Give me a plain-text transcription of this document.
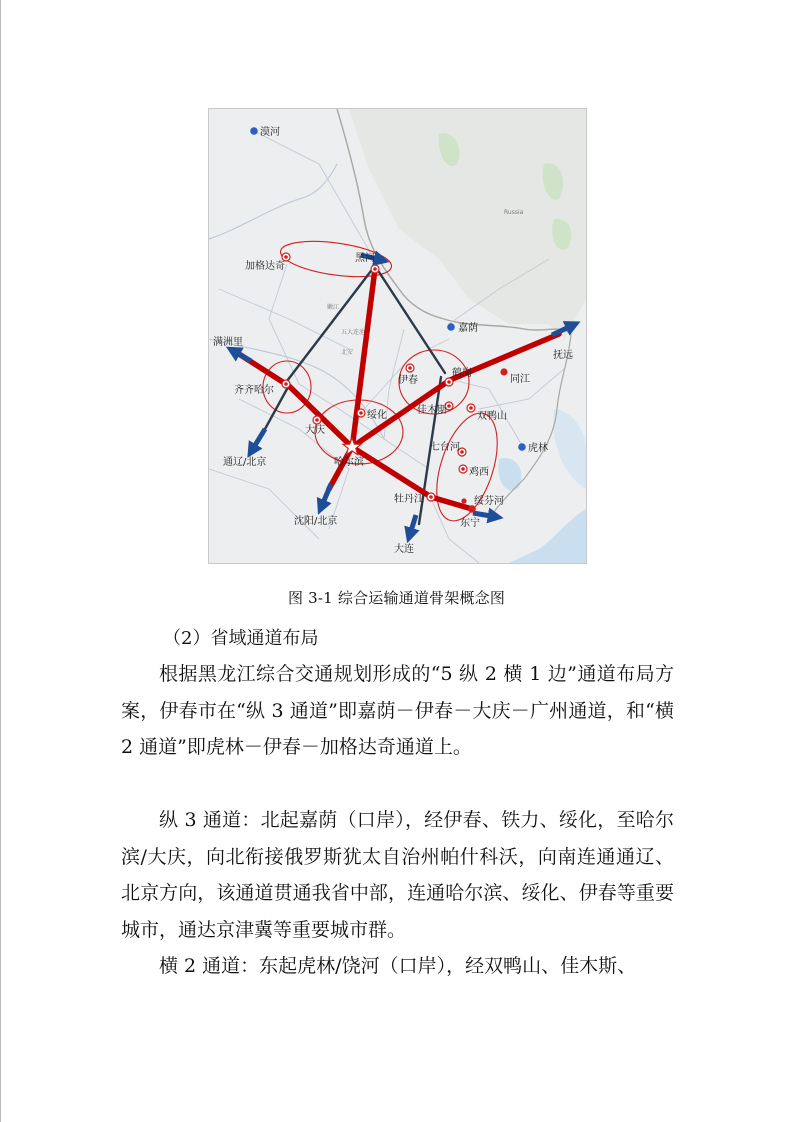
嫩江
五大连池
北安
Russia
漠河
加格达奇
黑河
嘉荫
满洲里
抚远
齐齐哈尔
伊春
鹤岗
同江
绥化	佳木斯
双鸭山
大庆
哈尔滨
七台河	虎林
鸡西
牡丹江	绥芬河
东宁
通辽/北京
沈阳/北京
大连
图 3-1 综合运输通道骨架概念图
（2）省域通道布局
根据黑龙江综合交通规划形成的“5 纵 2 横 1 边”通道布局方案，伊春市在“纵 3 通道”即嘉荫－伊春－大庆－广州通道，和“横 2 通道”即虎林－伊春－加格达奇通道上。
纵 3 通道：北起嘉荫（口岸），经伊春、铁力、绥化，至哈尔滨/大庆，向北衔接俄罗斯犹太自治州帕什科沃，向南连通通辽、北京方向，该通道贯通我省中部，连通哈尔滨、绥化、伊春等重要城市，通达京津冀等重要城市群。
横 2 通道：东起虎林/饶河（口岸），经双鸭山、佳木斯、
